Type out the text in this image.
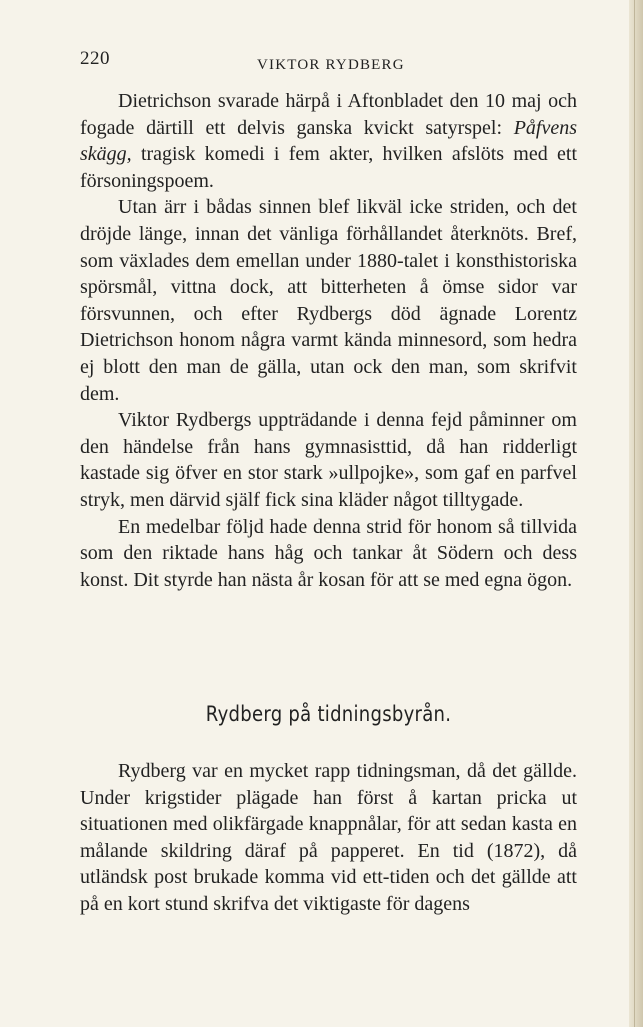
220	VIKTOR RYDBERG

Dietrichson svarade härpå i Aftonbladet den 10 maj och fogade därtill ett delvis ganska kvickt satyrspel: Påfvens skägg, tragisk komedi i fem akter, hvilken afslöts med ett försoningspoem.

Utan ärr i bådas sinnen blef likväl icke striden, och det dröjde länge, innan det vänliga förhållandet återknöts. Bref, som växlades dem emellan under 1880-talet i konsthistoriska spörsmål, vittna dock, att bitterheten å ömse sidor var försvunnen, och efter Rydbergs död ägnade Lorentz Dietrichson honom några varmt kända minnesord, som hedra ej blott den man de gälla, utan ock den man, som skrifvit dem.

Viktor Rydbergs uppträdande i denna fejd påminner om den händelse från hans gymnasisttid, då han ridderligt kastade sig öfver en stor stark »ullpojke», som gaf en parfvel stryk, men därvid själf fick sina kläder något tilltygade.

En medelbar följd hade denna strid för honom så tillvida som den riktade hans håg och tankar åt Södern och dess konst. Dit styrde han nästa år kosan för att se med egna ögon.

Rydberg på tidningsbyrån.

Rydberg var en mycket rapp tidningsman, då det gällde. Under krigstider plägade han först å kartan pricka ut situationen med olikfärgade knappnålar, för att sedan kasta en målande skildring däraf på papperet. En tid (1872), då utländsk post brukade komma vid ett-tiden och det gällde att på en kort stund skrifva det viktigaste för dagens
